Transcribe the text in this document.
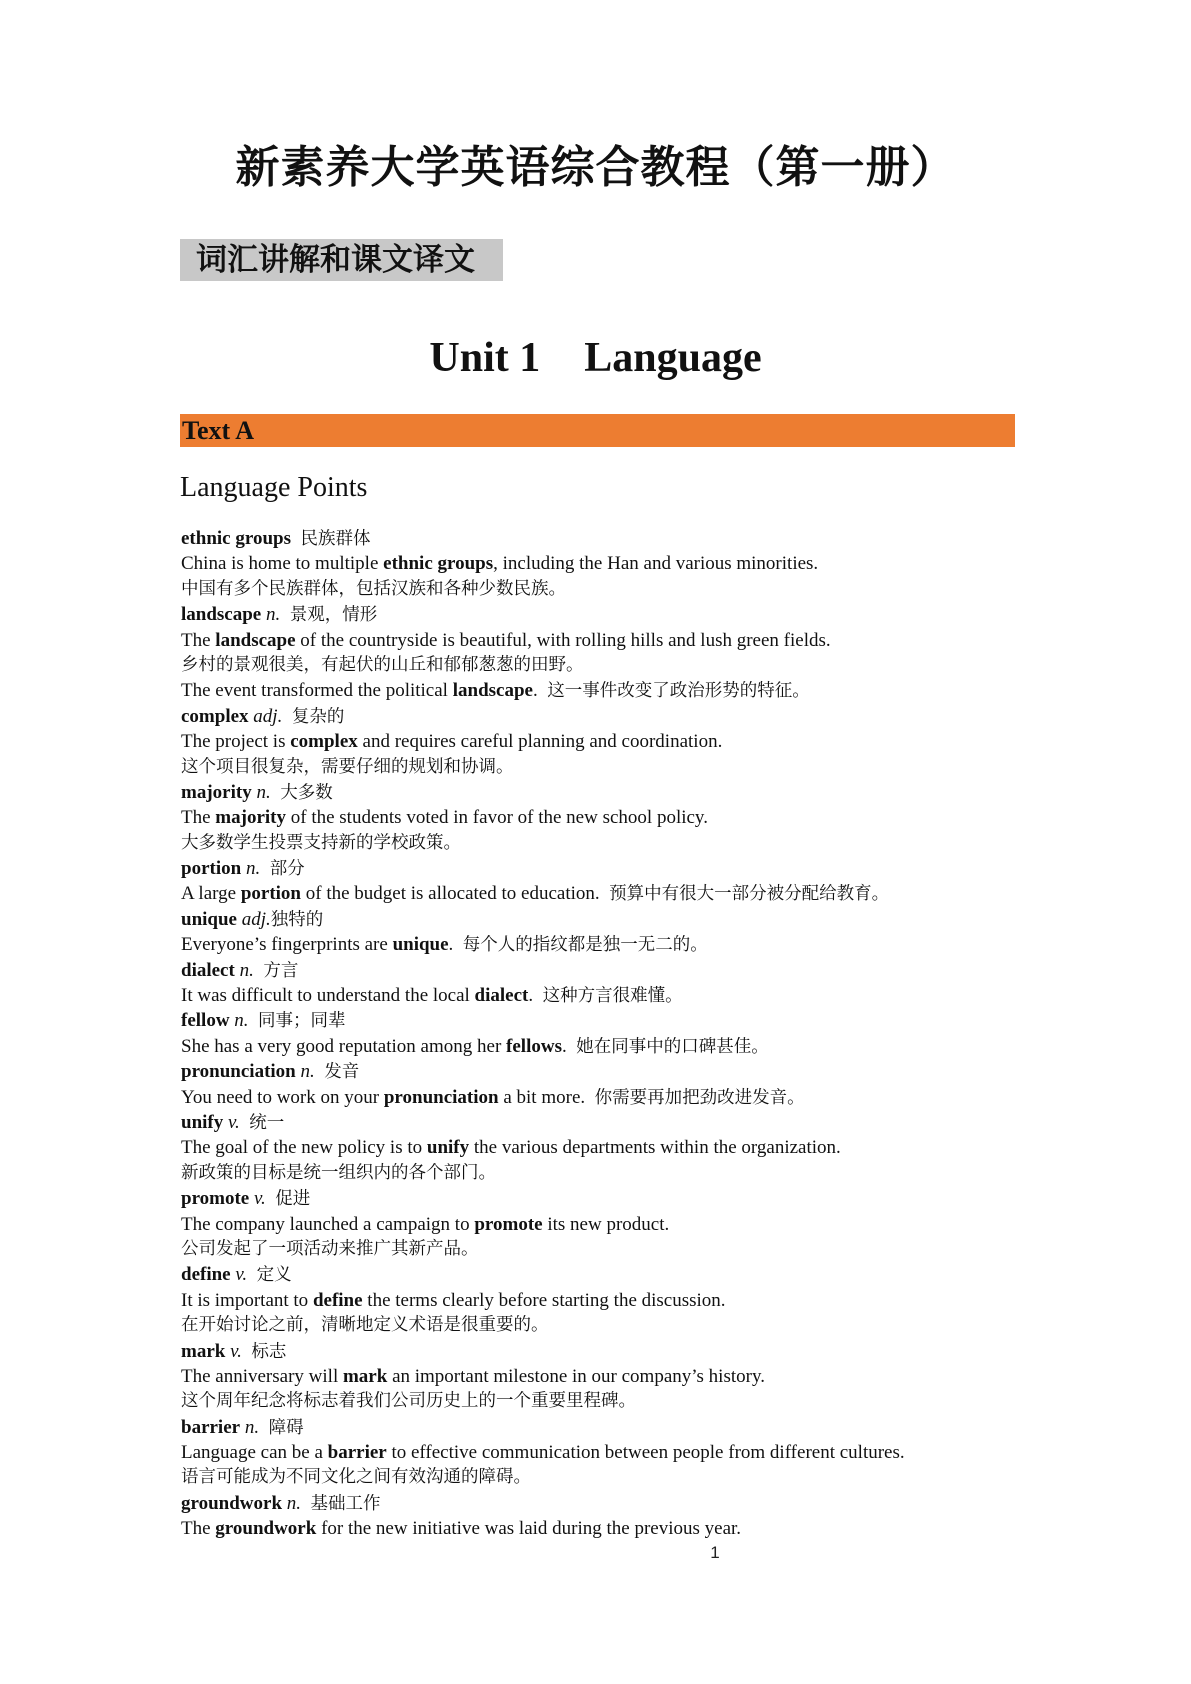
新素养大学英语综合教程（第一册）
词汇讲解和课文译文
Unit 1 Language
Text A
Language Points
ethnic groups  民族群体
China is home to multiple ethnic groups, including the Han and various minorities.
中国有多个民族群体，包括汉族和各种少数民族。
landscape n.  景观，情形
The landscape of the countryside is beautiful, with rolling hills and lush green fields.
乡村的景观很美，有起伏的山丘和郁郁葱葱的田野。
The event transformed the political landscape.  这一事件改变了政治形势的特征。
complex adj.  复杂的
The project is complex and requires careful planning and coordination.
这个项目很复杂，需要仔细的规划和协调。
majority n.  大多数
The majority of the students voted in favor of the new school policy.
大多数学生投票支持新的学校政策。
portion n.  部分
A large portion of the budget is allocated to education.  预算中有很大一部分被分配给教育。
unique adj.独特的
Everyone’s fingerprints are unique.  每个人的指纹都是独一无二的。
dialect n.  方言
It was difficult to understand the local dialect.  这种方言很难懂。
fellow n.  同事；同辈
She has a very good reputation among her fellows.  她在同事中的口碑甚佳。
pronunciation n.  发音
You need to work on your pronunciation a bit more.  你需要再加把劲改进发音。
unify v.  统一
The goal of the new policy is to unify the various departments within the organization.
新政策的目标是统一组织内的各个部门。
promote v.  促进
The company launched a campaign to promote its new product.
公司发起了一项活动来推广其新产品。
define v.  定义
It is important to define the terms clearly before starting the discussion.
在开始讨论之前，清晰地定义术语是很重要的。
mark v.  标志
The anniversary will mark an important milestone in our company’s history.
这个周年纪念将标志着我们公司历史上的一个重要里程碑。
barrier n.  障碍
Language can be a barrier to effective communication between people from different cultures.
语言可能成为不同文化之间有效沟通的障碍。
groundwork n.  基础工作
The groundwork for the new initiative was laid during the previous year.
1
